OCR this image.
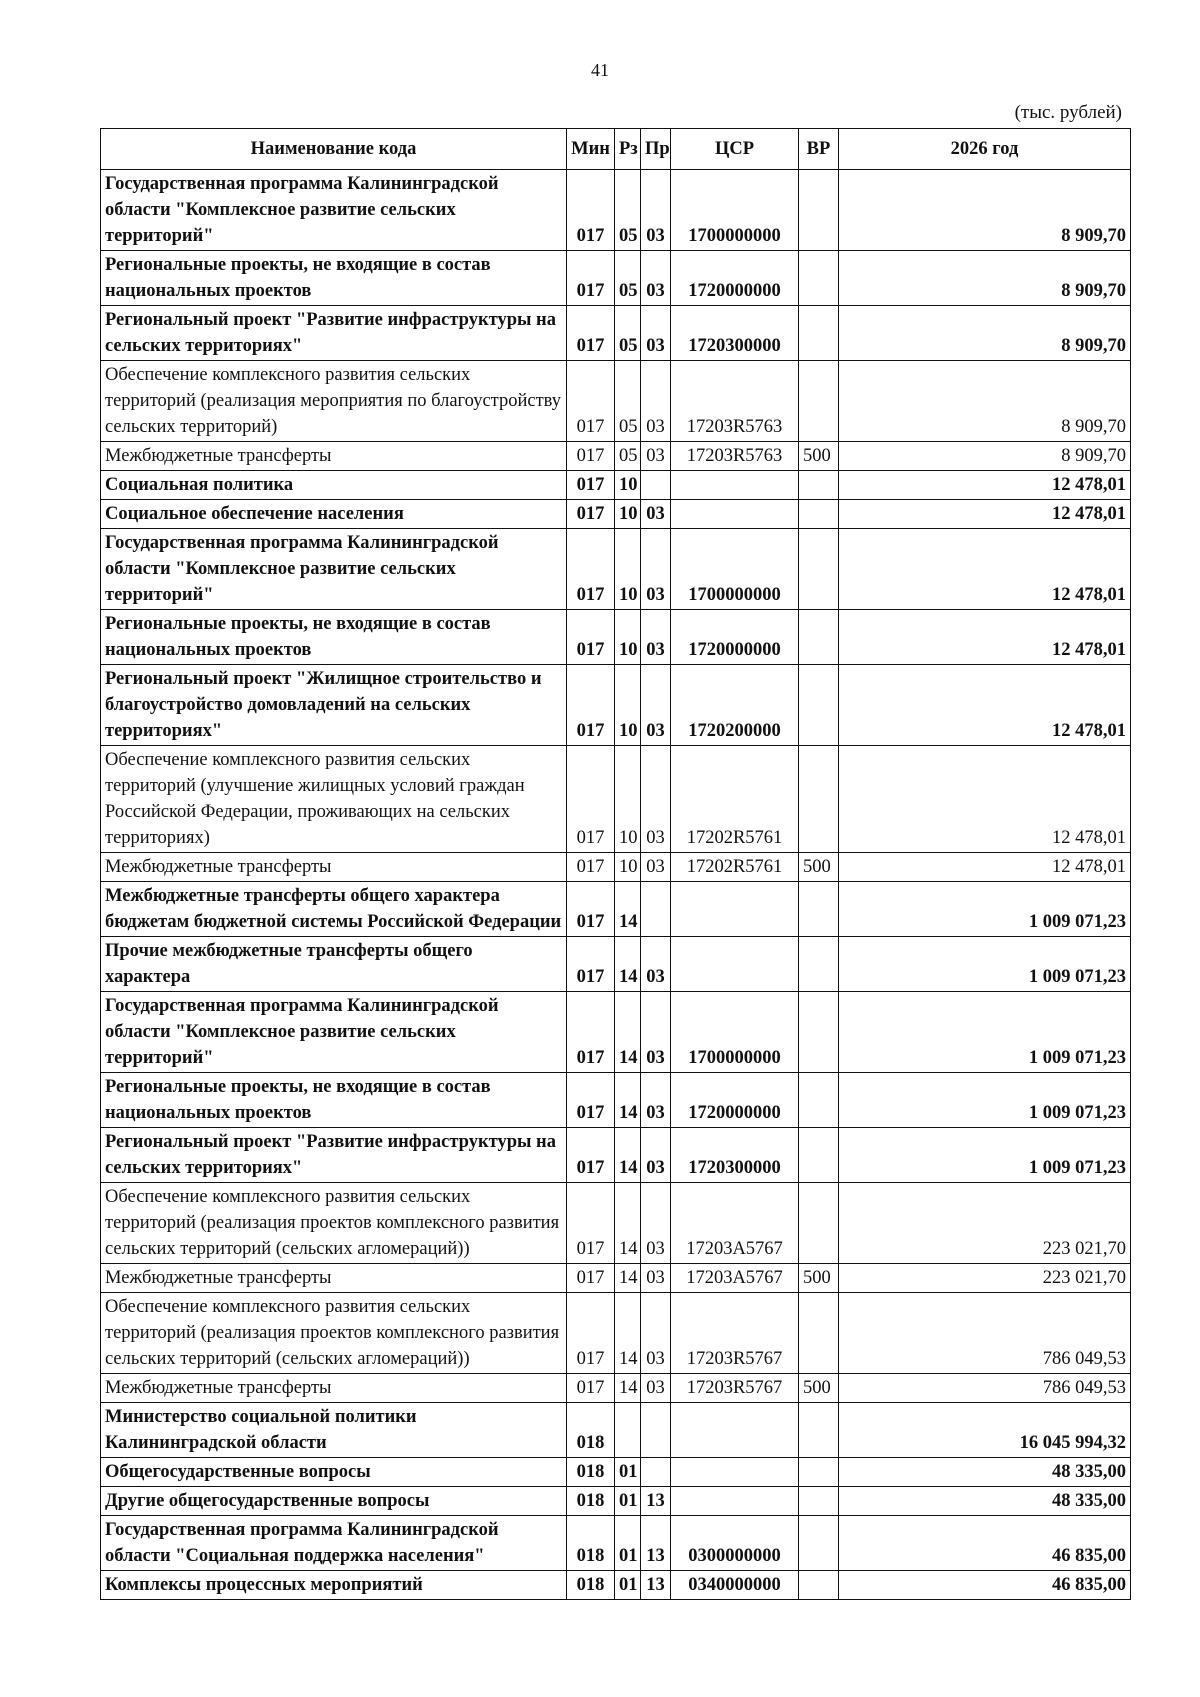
41
(тыс. рублей)
Наименование кода	Мин	Рз	Пр	ЦСР	ВР	2026 год
Государственная программа Калининградской области "Комплексное развитие сельских территорий"	017	05	03	1700000000		8 909,70
Региональные проекты, не входящие в состав национальных проектов	017	05	03	1720000000		8 909,70
Региональный проект "Развитие инфраструктуры на сельских территориях"	017	05	03	1720300000		8 909,70
Обеспечение комплексного развития сельских территорий (реализация мероприятия по благоустройству сельских территорий)	017	05	03	17203R5763		8 909,70
Межбюджетные трансферты	017	05	03	17203R5763	500	8 909,70
Социальная политика	017	10				12 478,01
Социальное обеспечение населения	017	10	03			12 478,01
Государственная программа Калининградской области "Комплексное развитие сельских территорий"	017	10	03	1700000000		12 478,01
Региональные проекты, не входящие в состав национальных проектов	017	10	03	1720000000		12 478,01
Региональный проект "Жилищное строительство и благоустройство домовладений на сельских территориях"	017	10	03	1720200000		12 478,01
Обеспечение комплексного развития сельских территорий (улучшение жилищных условий граждан Российской Федерации, проживающих на сельских территориях)	017	10	03	17202R5761		12 478,01
Межбюджетные трансферты	017	10	03	17202R5761	500	12 478,01
Межбюджетные трансферты общего характера бюджетам бюджетной системы Российской Федерации	017	14				1 009 071,23
Прочие межбюджетные трансферты общего характера	017	14	03			1 009 071,23
Государственная программа Калининградской области "Комплексное развитие сельских территорий"	017	14	03	1700000000		1 009 071,23
Региональные проекты, не входящие в состав национальных проектов	017	14	03	1720000000		1 009 071,23
Региональный проект "Развитие инфраструктуры на сельских территориях"	017	14	03	1720300000		1 009 071,23
Обеспечение комплексного развития сельских территорий (реализация проектов комплексного развития сельских территорий (сельских агломераций))	017	14	03	17203A5767		223 021,70
Межбюджетные трансферты	017	14	03	17203A5767	500	223 021,70
Обеспечение комплексного развития сельских территорий (реализация проектов комплексного развития сельских территорий (сельских агломераций))	017	14	03	17203R5767		786 049,53
Межбюджетные трансферты	017	14	03	17203R5767	500	786 049,53
Министерство социальной политики Калининградской области	018					16 045 994,32
Общегосударственные вопросы	018	01				48 335,00
Другие общегосударственные вопросы	018	01	13			48 335,00
Государственная программа Калининградской области "Социальная поддержка населения"	018	01	13	0300000000		46 835,00
Комплексы процессных мероприятий	018	01	13	0340000000		46 835,00
